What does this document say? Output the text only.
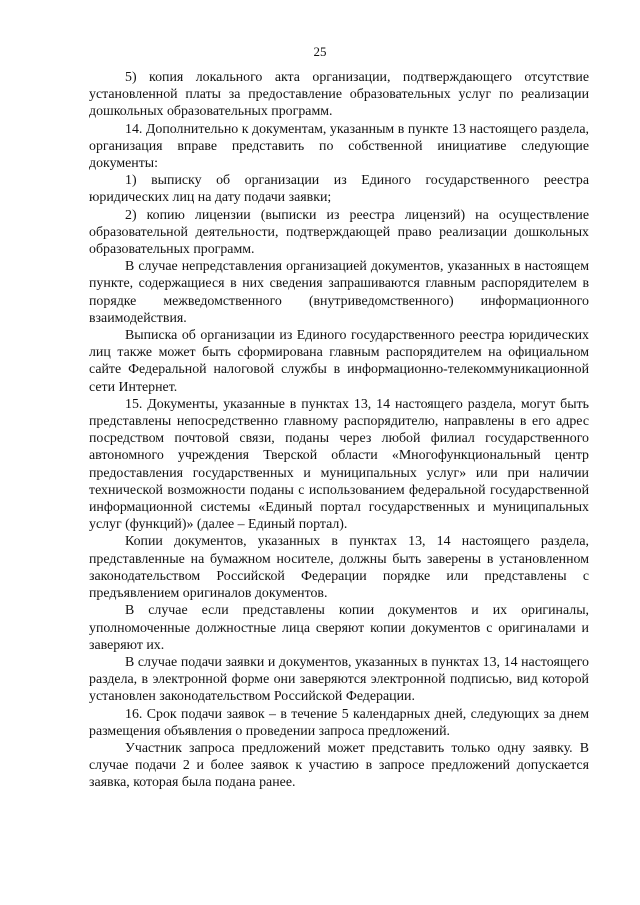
25

5) копия локального акта организации, подтверждающего отсутствие установленной платы за предоставление образовательных услуг по реализации дошкольных образовательных программ.

14. Дополнительно к документам, указанным в пункте 13 настоящего раздела, организация вправе представить по собственной инициативе следующие документы:

1) выписку об организации из Единого государственного реестра юридических лиц на дату подачи заявки;

2) копию лицензии (выписки из реестра лицензий) на осуществление образовательной деятельности, подтверждающей право реализации дошкольных образовательных программ.

В случае непредставления организацией документов, указанных в настоящем пункте, содержащиеся в них сведения запрашиваются главным распорядителем в порядке межведомственного (внутриведомственного) информационного взаимодействия.

Выписка об организации из Единого государственного реестра юридических лиц также может быть сформирована главным распорядителем на официальном сайте Федеральной налоговой службы в информационно-телекоммуникационной сети Интернет.

15. Документы, указанные в пунктах 13, 14 настоящего раздела, могут быть представлены непосредственно главному распорядителю, направлены в его адрес посредством почтовой связи, поданы через любой филиал государственного автономного учреждения Тверской области «Многофункциональный центр предоставления государственных и муниципальных услуг» или при наличии технической возможности поданы с использованием федеральной государственной информационной системы «Единый портал государственных и муниципальных услуг (функций)» (далее – Единый портал).

Копии документов, указанных в пунктах 13, 14 настоящего раздела, представленные на бумажном носителе, должны быть заверены в установленном законодательством Российской Федерации порядке или представлены с предъявлением оригиналов документов.

В случае если представлены копии документов и их оригиналы, уполномоченные должностные лица сверяют копии документов с оригиналами и заверяют их.

В случае подачи заявки и документов, указанных в пунктах 13, 14 настоящего раздела, в электронной форме они заверяются электронной подписью, вид которой установлен законодательством Российской Федерации.

16. Срок подачи заявок – в течение 5 календарных дней, следующих за днем размещения объявления о проведении запроса предложений.

Участник запроса предложений может представить только одну заявку. В случае подачи 2 и более заявок к участию в запросе предложений допускается заявка, которая была подана ранее.
